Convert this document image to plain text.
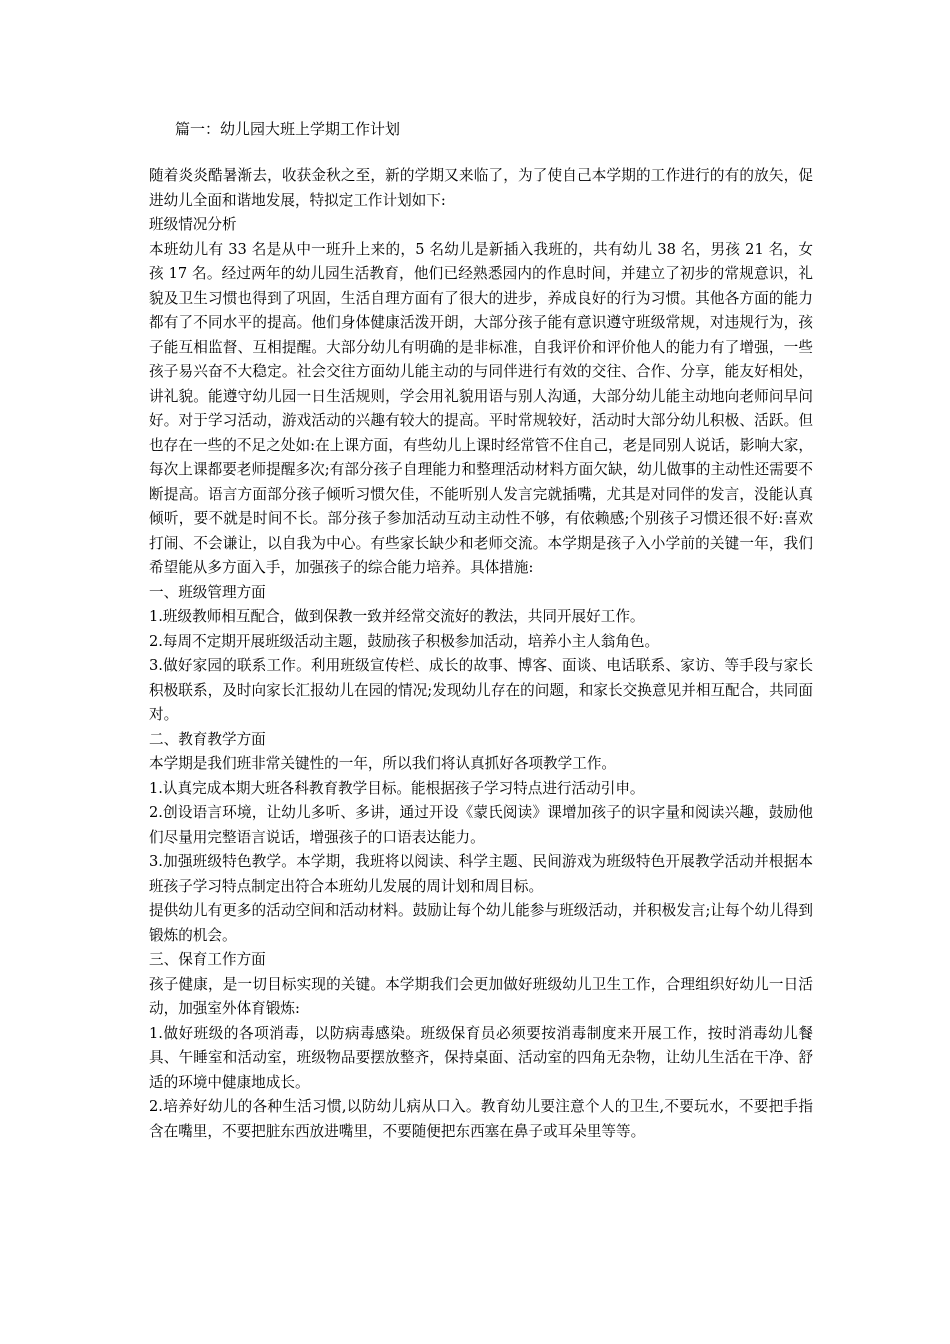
篇一：幼儿园大班上学期工作计划

随着炎炎酷暑渐去，收获金秋之至，新的学期又来临了，为了使自己本学期的工作进行的有的放矢，促进幼儿全面和谐地发展，特拟定工作计划如下:

班级情况分析

本班幼儿有 33 名是从中一班升上来的，5 名幼儿是新插入我班的，共有幼儿 38 名，男孩 21 名，女孩 17 名。经过两年的幼儿园生活教育，他们已经熟悉园内的作息时间，并建立了初步的常规意识，礼貌及卫生习惯也得到了巩固，生活自理方面有了很大的进步，养成良好的行为习惯。其他各方面的能力都有了不同水平的提高。他们身体健康活泼开朗，大部分孩子能有意识遵守班级常规，对违规行为，孩子能互相监督、互相提醒。大部分幼儿有明确的是非标准，自我评价和评价他人的能力有了增强，一些孩子易兴奋不大稳定。社会交往方面幼儿能主动的与同伴进行有效的交往、合作、分享，能友好相处，讲礼貌。能遵守幼儿园一日生活规则，学会用礼貌用语与别人沟通，大部分幼儿能主动地向老师问早问好。对于学习活动，游戏活动的兴趣有较大的提高。平时常规较好，活动时大部分幼儿积极、活跃。但也存在一些的不足之处如:在上课方面，有些幼儿上课时经常管不住自己，老是同别人说话，影响大家，每次上课都要老师提醒多次;有部分孩子自理能力和整理活动材料方面欠缺，幼儿做事的主动性还需要不断提高。语言方面部分孩子倾听习惯欠佳，不能听别人发言完就插嘴，尤其是对同伴的发言，没能认真倾听，要不就是时间不长。部分孩子参加活动互动主动性不够，有依赖感;个别孩子习惯还很不好:喜欢打闹、不会谦让，以自我为中心。有些家长缺少和老师交流。本学期是孩子入小学前的关键一年，我们希望能从多方面入手，加强孩子的综合能力培养。具体措施:

一、班级管理方面

1.班级教师相互配合，做到保教一致并经常交流好的教法，共同开展好工作。

2.每周不定期开展班级活动主题，鼓励孩子积极参加活动，培养小主人翁角色。

3.做好家园的联系工作。利用班级宣传栏、成长的故事、博客、面谈、电话联系、家访、等手段与家长积极联系，及时向家长汇报幼儿在园的情况;发现幼儿存在的问题，和家长交换意见并相互配合，共同面对。

二、教育教学方面

本学期是我们班非常关键性的一年，所以我们将认真抓好各项教学工作。

1.认真完成本期大班各科教育教学目标。能根据孩子学习特点进行活动引申。

2.创设语言环境，让幼儿多听、多讲，通过开设《蒙氏阅读》课增加孩子的识字量和阅读兴趣，鼓励他们尽量用完整语言说话，增强孩子的口语表达能力。

3.加强班级特色教学。本学期，我班将以阅读、科学主题、民间游戏为班级特色开展教学活动并根据本班孩子学习特点制定出符合本班幼儿发展的周计划和周目标。

提供幼儿有更多的活动空间和活动材料。鼓励让每个幼儿能参与班级活动，并积极发言;让每个幼儿得到锻炼的机会。

三、保育工作方面

孩子健康，是一切目标实现的关键。本学期我们会更加做好班级幼儿卫生工作，合理组织好幼儿一日活动，加强室外体育锻炼:

1.做好班级的各项消毒，以防病毒感染。班级保育员必须要按消毒制度来开展工作，按时消毒幼儿餐具、午睡室和活动室，班级物品要摆放整齐，保持桌面、活动室的四角无杂物，让幼儿生活在干净、舒适的环境中健康地成长。

2.培养好幼儿的各种生活习惯,以防幼儿病从口入。教育幼儿要注意个人的卫生,不要玩水，不要把手指含在嘴里，不要把脏东西放进嘴里，不要随便把东西塞在鼻子或耳朵里等等。
